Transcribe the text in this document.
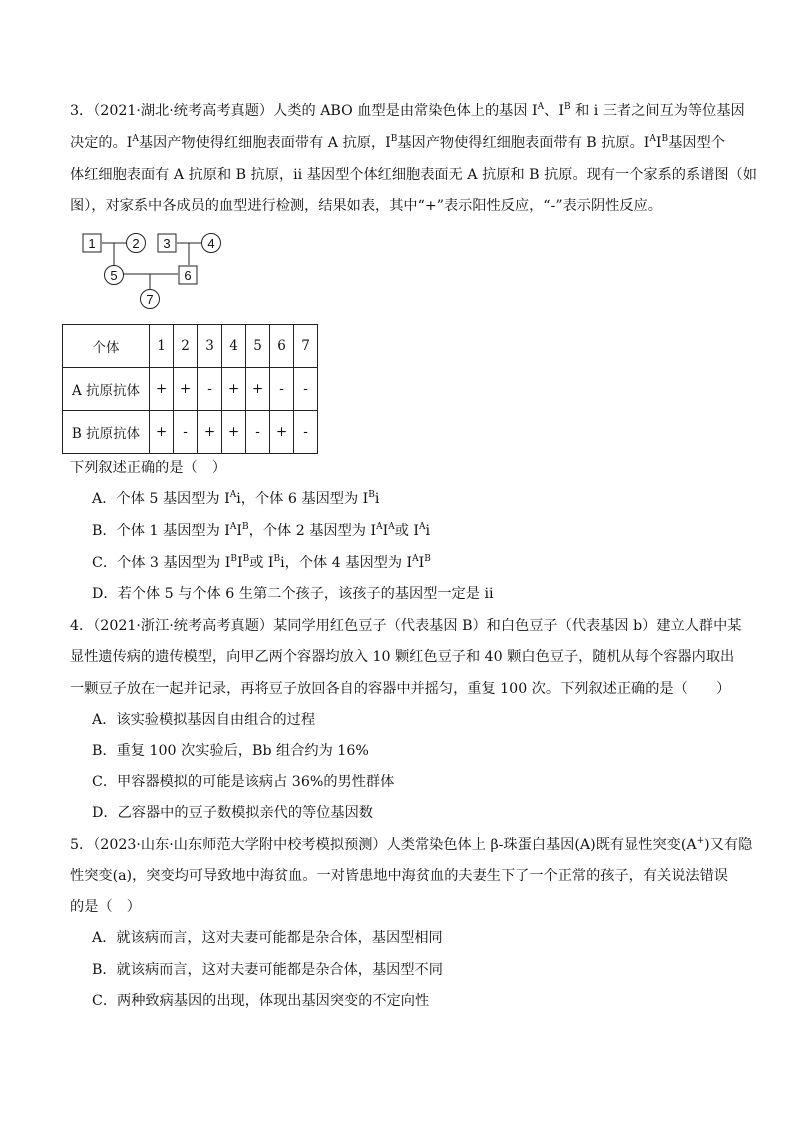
3．（2021·湖北·统考高考真题）人类的 ABO 血型是由常染色体上的基因 $I^A$、$I^B$ 和 i 三者之间互为等位基因
决定的。$I^A$基因产物使得红细胞表面带有 A 抗原，$I^B$基因产物使得红细胞表面带有 B 抗原。$I^AI^B$基因型个
体红细胞表面有 A 抗原和 B 抗原，ii 基因型个体红细胞表面无 A 抗原和 B 抗原。现有一个家系的系谱图（如
图），对家系中各成员的血型进行检测，结果如表，其中“+”表示阳性反应，“-”表示阴性反应。
1	2 3	4
5	6
7
个体	1	2	3	4	5	6	7
A 抗原抗体	+	+	-	+	+	-	-
B 抗原抗体	+	-	+	+	-	+	-
下列叙述正确的是（　）
A．个体 5 基因型为 $I^Ai$，个体 6 基因型为 $I^Bi$
B．个体 1 基因型为 $I^AI^B$，个体 2 基因型为 $I^AI^A$或 $I^Ai$
C．个体 3 基因型为 $I^BI^B$或 $I^Bi$，个体 4 基因型为 $I^AI^B$
D．若个体 5 与个体 6 生第二个孩子，该孩子的基因型一定是 ii
4．（2021·浙江·统考高考真题）某同学用红色豆子（代表基因 B）和白色豆子（代表基因 b）建立人群中某
显性遗传病的遗传模型，向甲乙两个容器均放入 10 颗红色豆子和 40 颗白色豆子，随机从每个容器内取出
一颗豆子放在一起并记录，再将豆子放回各自的容器中并摇匀，重复 100 次。下列叙述正确的是（　　）
A．该实验模拟基因自由组合的过程
B．重复 100 次实验后，Bb 组合约为 16%
C．甲容器模拟的可能是该病占 36%的男性群体
D．乙容器中的豆子数模拟亲代的等位基因数
5．（2023·山东·山东师范大学附中校考模拟预测）人类常染色体上 β-珠蛋白基因(A)既有显性突变(A+)又有隐
性突变(a)，突变均可导致地中海贫血。一对皆患地中海贫血的夫妻生下了一个正常的孩子，有关说法错误
的是（　）
A．就该病而言，这对夫妻可能都是杂合体，基因型相同
B．就该病而言，这对夫妻可能都是杂合体，基因型不同
C．两种致病基因的出现，体现出基因突变的不定向性
